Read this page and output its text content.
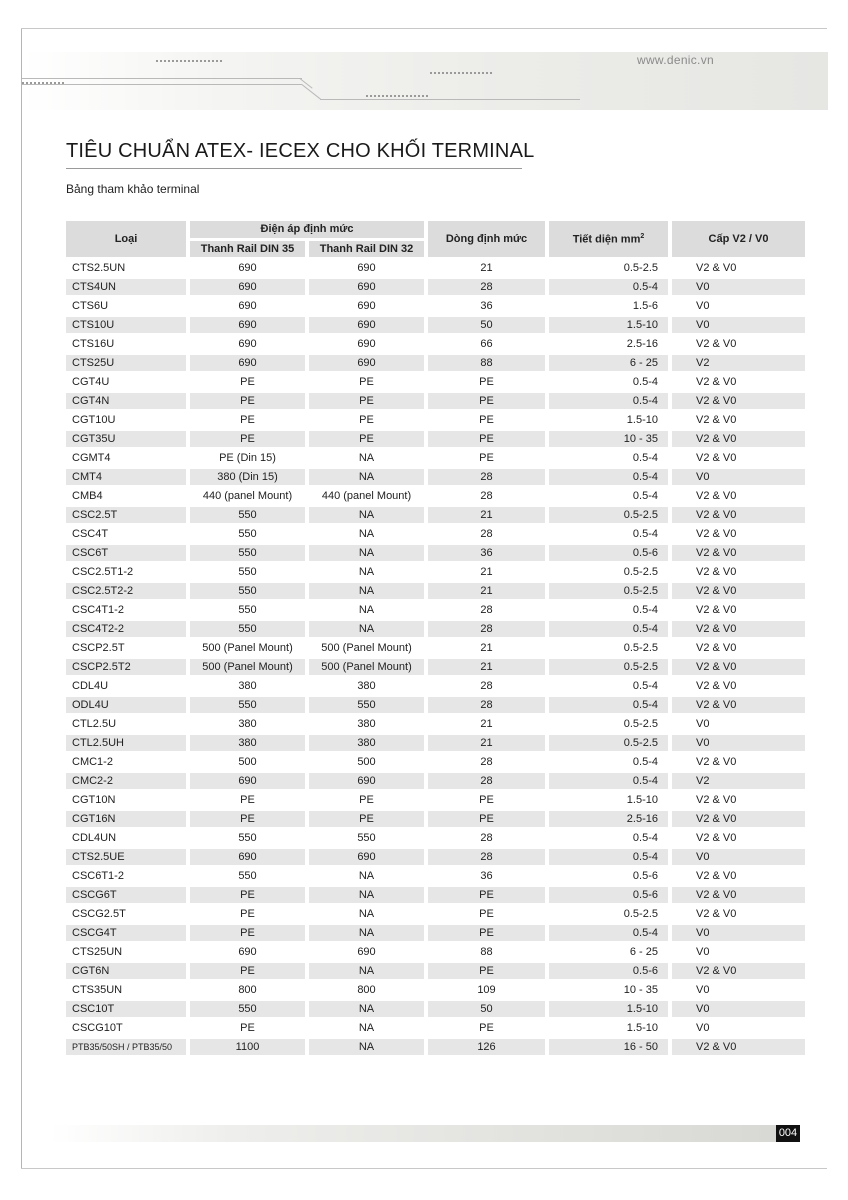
www.denic.vn
TIÊU CHUẨN ATEX- IECEX CHO KHỐI TERMINAL
Bảng tham khảo terminal
Loại	Điện áp định mức		Dòng định mức	Tiết diện $mm^2$	Cấp V2 / V0
	Thanh Rail DIN 35	Thanh Rail DIN 32			
CTS2.5UN	690	690	21	0.5-2.5	V2 & V0
CTS4UN	690	690	28	0.5-4	V0
CTS6U	690	690	36	1.5-6	V0
CTS10U	690	690	50	1.5-10	V0
CTS16U	690	690	66	2.5-16	V2 & V0
CTS25U	690	690	88	6 - 25	V2
CGT4U	PE	PE	PE	0.5-4	V2 & V0
CGT4N	PE	PE	PE	0.5-4	V2 & V0
CGT10U	PE	PE	PE	1.5-10	V2 & V0
CGT35U	PE	PE	PE	10 - 35	V2 & V0
CGMT4	PE (Din 15)	NA	PE	0.5-4	V2 & V0
CMT4	380 (Din 15)	NA	28	0.5-4	V0
CMB4	440 (panel Mount)	440 (panel Mount)	28	0.5-4	V2 & V0
CSC2.5T	550	NA	21	0.5-2.5	V2 & V0
CSC4T	550	NA	28	0.5-4	V2 & V0
CSC6T	550	NA	36	0.5-6	V2 & V0
CSC2.5T1-2	550	NA	21	0.5-2.5	V2 & V0
CSC2.5T2-2	550	NA	21	0.5-2.5	V2 & V0
CSC4T1-2	550	NA	28	0.5-4	V2 & V0
CSC4T2-2	550	NA	28	0.5-4	V2 & V0
CSCP2.5T	500 (Panel Mount)	500 (Panel Mount)	21	0.5-2.5	V2 & V0
CSCP2.5T2	500 (Panel Mount)	500 (Panel Mount)	21	0.5-2.5	V2 & V0
CDL4U	380	380	28	0.5-4	V2 & V0
ODL4U	550	550	28	0.5-4	V2 & V0
CTL2.5U	380	380	21	0.5-2.5	V0
CTL2.5UH	380	380	21	0.5-2.5	V0
CMC1-2	500	500	28	0.5-4	V2 & V0
CMC2-2	690	690	28	0.5-4	V2
CGT10N	PE	PE	PE	1.5-10	V2 & V0
CGT16N	PE	PE	PE	2.5-16	V2 & V0
CDL4UN	550	550	28	0.5-4	V2 & V0
CTS2.5UE	690	690	28	0.5-4	V0
CSC6T1-2	550	NA	36	0.5-6	V2 & V0
CSCG6T	PE	NA	PE	0.5-6	V2 & V0
CSCG2.5T	PE	NA	PE	0.5-2.5	V2 & V0
CSCG4T	PE	NA	PE	0.5-4	V0
CTS25UN	690	690	88	6 - 25	V0
CGT6N	PE	NA	PE	0.5-6	V2 & V0
CTS35UN	800	800	109	10 - 35	V0
CSC10T	550	NA	50	1.5-10	V0
CSCG10T	PE	NA	PE	1.5-10	V0
PTB35/50SH / PTB35/50	1100	NA	126	16 - 50	V2 & V0
004
